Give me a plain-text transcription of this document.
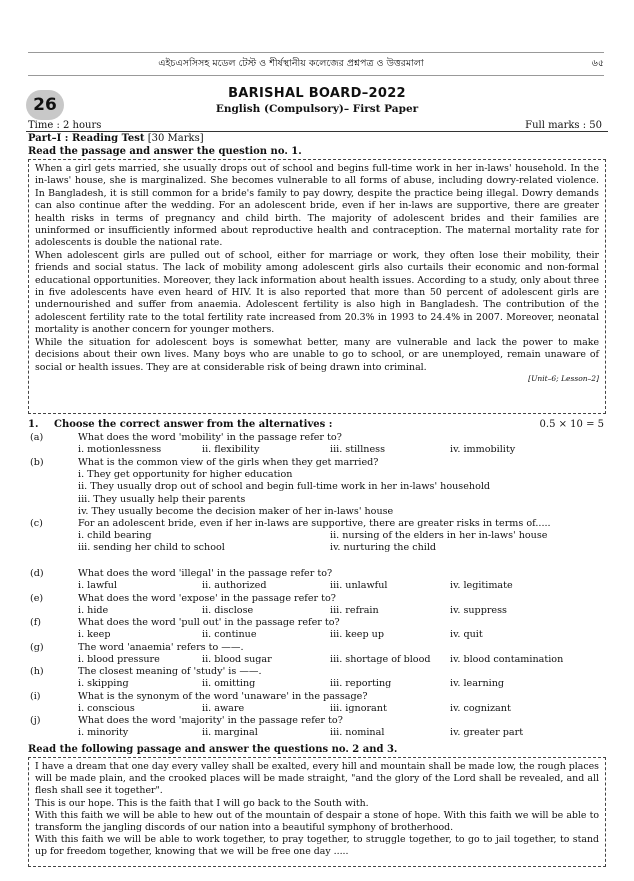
এইচএসসিসহ মডেল টেস্ট ও শীর্ষস্থানীয় কলেজের প্রশ্নপত্র ও উত্তরমালা	৬৫
26
BARISHAL BOARD–2022
English (Compulsory)– First Paper
Time : 2 hours	Full marks : 50
Part–I : Reading Test [30 Marks]
Read the passage and answer the question no. 1.

When a girl gets married, she usually drops out of school and begins full-time work in her in-laws' household. In the in-laws' house, she is marginalized. She becomes vulnerable to all forms of abuse, including dowry-related violence. In Bangladesh, it is still common for a bride's family to pay dowry, despite the practice being illegal. Dowry demands can also continue after the wedding. For an adolescent bride, even if her in-laws are supportive, there are greater health risks in terms of pregnancy and child birth. The majority of adolescent brides and their families are uninformed or insufficiently informed about reproductive health and contraception. The maternal mortality rate for adolescents is double the national rate.

When adolescent girls are pulled out of school, either for marriage or work, they often lose their mobility, their friends and social status. The lack of mobility among adolescent girls also curtails their economic and non-formal educational opportunities. Moreover, they lack information about health issues. According to a study, only about three in five adolescents have even heard of HIV. It is also reported that more than 50 percent of adolescent girls are undernourished and suffer from anaemia. Adolescent fertility is also high in Bangladesh. The contribution of the adolescent fertility rate to the total fertility rate increased from 20.3% in 1993 to 24.4% in 2007. Moreover, neonatal mortality is another concern for younger mothers.

While the situation for adolescent boys is somewhat better, many are vulnerable and lack the power to make decisions about their own lives. Many boys who are unable to go to school, or are unemployed, remain unaware of social or health issues. They are at considerable risk of being drawn into criminal.

[Unit–6; Lesson–2]
1. Choose the correct answer from the alternatives :	0.5 × 10 = 5
(a)	What does the word 'mobility' in the passage refer to?
i. motionlessness	ii. flexibility	iii. stillness	iv. immobility
(b)	What is the common view of the girls when they get married?
i. They get opportunity for higher education
ii. They usually drop out of school and begin full-time work in her in-laws' household
iii. They usually help their parents
iv. They usually become the decision maker of her in-laws' house
(c)	For an adolescent bride, even if her in-laws are supportive, there are greater risks in terms of.....
i. child bearing	ii. nursing of the elders in her in-laws' house
iii. sending her child to school	iv. nurturing the child
(d)	What does the word 'illegal' in the passage refer to?
i. lawful	ii. authorized	iii. unlawful	iv. legitimate
(e)	What does the word 'expose' in the passage refer to?
i. hide	ii. disclose	iii. refrain	iv. suppress
(f)	What does the word 'pull out' in the passage refer to?
i. keep	ii. continue	iii. keep up	iv. quit
(g)	The word 'anaemia' refers to ——.
i. blood pressure	ii. blood sugar	iii. shortage of blood iv. blood contamination
(h)	The closest meaning of 'study' is ——.
i. skipping	ii. omitting	iii. reporting	iv. learning
(i)	What is the synonym of the word 'unaware' in the passage?
i. conscious	ii. aware	iii. ignorant	iv. cognizant
(j)	What does the word 'majority' in the passage refer to?
i. minority	ii. marginal	iii. nominal	iv. greater part
Read the following passage and answer the questions no. 2 and 3.

I have a dream that one day every valley shall be exalted, every hill and mountain shall be made low, the rough places will be made plain, and the crooked places will be made straight, "and the glory of the Lord shall be revealed, and all flesh shall see it together".

This is our hope. This is the faith that I will go back to the South with.

With this faith we will be able to hew out of the mountain of despair a stone of hope. With this faith we will be able to transform the jangling discords of our nation into a beautiful symphony of brotherhood.

With this faith we will be able to work together, to pray together, to struggle together, to go to jail together, to stand up for freedom together, knowing that we will be free one day .....
